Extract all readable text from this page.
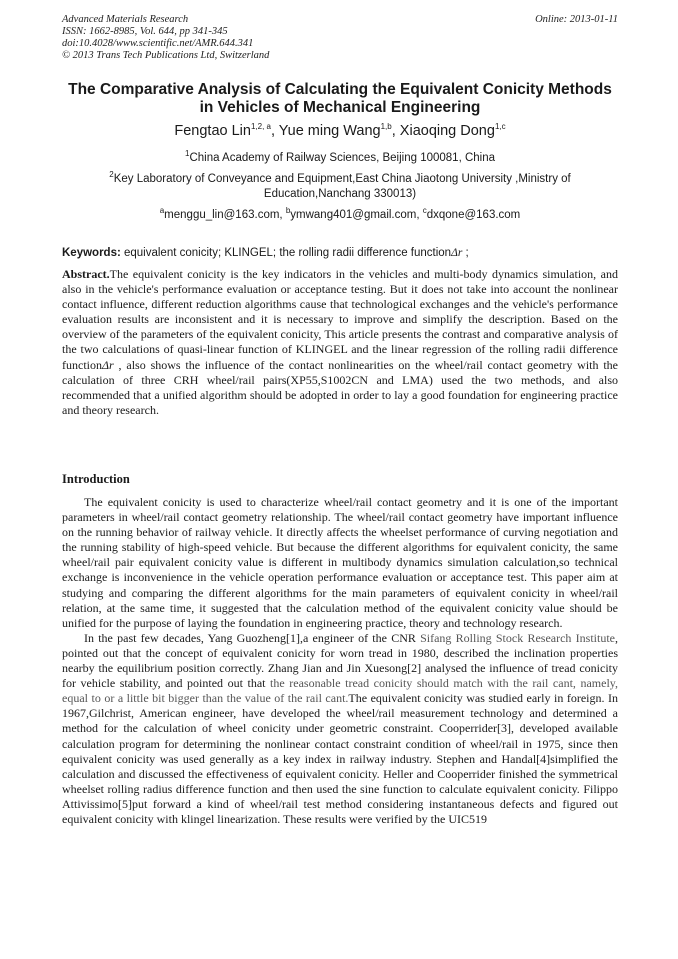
Advanced Materials Research
ISSN: 1662-8985, Vol. 644, pp 341-345
doi:10.4028/www.scientific.net/AMR.644.341
© 2013 Trans Tech Publications Ltd, Switzerland
Online: 2013-01-11
The Comparative Analysis of Calculating the Equivalent Conicity Methods in Vehicles of Mechanical Engineering
Fengtao Lin$^{1,2, a}$, Yue ming Wang$^{1,b}$, Xiaoqing Dong$^{1,c}$
$^1$China Academy of Railway Sciences, Beijing 100081, China
$^2$Key Laboratory of Conveyance and Equipment,East China Jiaotong University ,Ministry of Education,Nanchang 330013)
$^a$menggu_lin@163.com, $^b$ymwang401@gmail.com, $^c$dxqone@163.com
Keywords: equivalent conicity; KLINGEL; the rolling radii difference functionΔr ;
Abstract.The equivalent conicity is the key indicators in the vehicles and multi-body dynamics simulation, and also in the vehicle's performance evaluation or acceptance testing. But it does not take into account the nonlinear contact influence, different reduction algorithms cause that technological exchanges and the vehicle's performance evaluation results are inconsistent and it is necessary to improve and simplify the description. Based on the overview of the parameters of the equivalent conicity, This article presents the contrast and comparative analysis of the two calculations of quasi-linear function of KLINGEL and the linear regression of the rolling radii difference functionΔr , also shows the influence of the contact nonlinearities on the wheel/rail contact geometry with the calculation of three CRH wheel/rail pairs(XP55,S1002CN and LMA) used the two methods, and also recommended that a unified algorithm should be adopted in order to lay a good foundation for engineering practice and theory research.
Introduction

The equivalent conicity is used to characterize wheel/rail contact geometry and it is one of the important parameters in wheel/rail contact geometry relationship. The wheel/rail contact geometry have important influence on the running behavior of railway vehicle. It directly affects the wheelset performance of curving negotiation and the running stability of high-speed vehicle. But because the different algorithms for equivalent conicity, the same wheel/rail pair equivalent conicity value is different in multibody dynamics simulation calculation,so technical exchange is inconvenience in the vehicle operation performance evaluation or acceptance test. This paper aim at studying and comparing the different algorithms for the main parameters of equivalent conicity in wheel/rail relation, at the same time, it suggested that the calculation method of the equivalent conicity value should be unified for the purpose of laying the foundation in engineering practice, theory and technology research.

In the past few decades, Yang Guozheng[1],a engineer of the CNR Sifang Rolling Stock Research Institute, pointed out that the concept of equivalent conicity for worn tread in 1980, described the inclination properties nearby the equilibrium position correctly. Zhang Jian and Jin Xuesong[2] analysed the influence of tread conicity for vehicle stability, and pointed out that the reasonable tread conicity should match with the rail cant, namely, equal to or a little bit bigger than the value of the rail cant.The equivalent conicity was studied early in foreign. In 1967,Gilchrist, American engineer, have developed the wheel/rail measurement technology and determined a method for the calculation of wheel conicity under geometric constraint. Cooperrider[3], developed available calculation program for determining the nonlinear contact constraint condition of wheel/rail in 1975, since then equivalent conicity was used generally as a key index in railway industry. Stephen and Handal[4]simplified the calculation and discussed the effectiveness of equivalent conicity. Heller and Cooperrider finished the symmetrical wheelset rolling radius difference function and then used the sine function to calculate equivalent conicity. Filippo Attivissimo[5]put forward a kind of wheel/rail test method considering instantaneous defects and figured out equivalent conicity with klingel linearization. These results were verified by the UIC519
